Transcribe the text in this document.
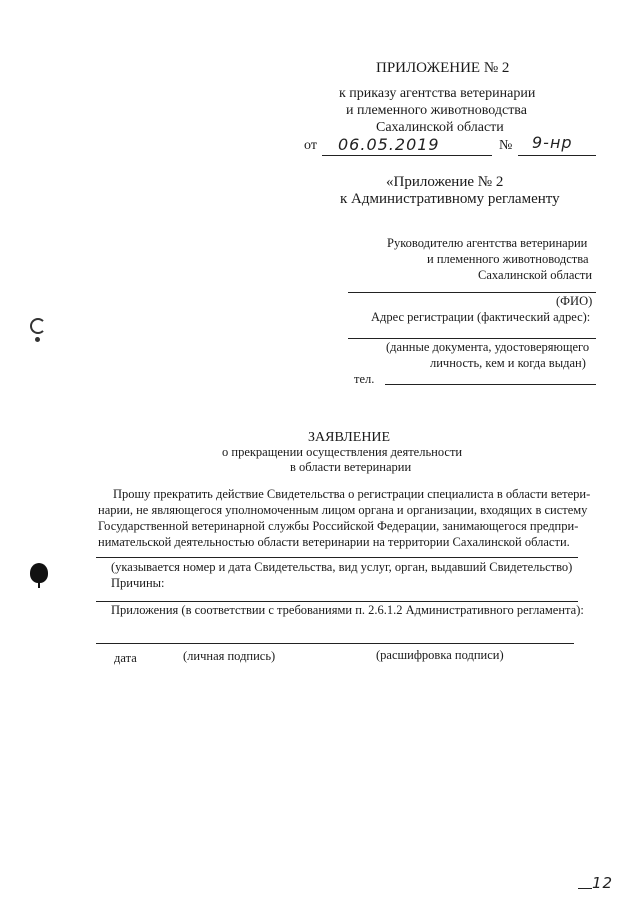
ПРИЛОЖЕНИЕ № 2
к приказу агентства ветеринарии
и племенного животноводства
Сахалинской области
от 06.05.2019	№ 9-нр
«Приложение № 2
к Административному регламенту
Руководителю агентства ветеринарии
и племенного животноводства
Сахалинской области
(ФИО)
Адрес регистрации (фактический адрес):
(данные документа, удостоверяющего
личность, кем и когда выдан)
тел.
ЗАЯВЛЕНИЕ
о прекращении осуществления деятельности
в области ветеринарии
Прошу прекратить действие Свидетельства о регистрации специалиста в области ветери-
нарии, не являющегося уполномоченным лицом органа и организации, входящих в систему
Государственной ветеринарной службы Российской Федерации, занимающегося предпри-
нимательской деятельностью области ветеринарии на территории Сахалинской области.
(указывается номер и дата Свидетельства, вид услуг, орган, выдавший Свидетельство)
Причины:
Приложения (в соответствии с требованиями п. 2.6.1.2 Административного регламента):
дата	(личная подпись)	(расшифровка подписи)
12
